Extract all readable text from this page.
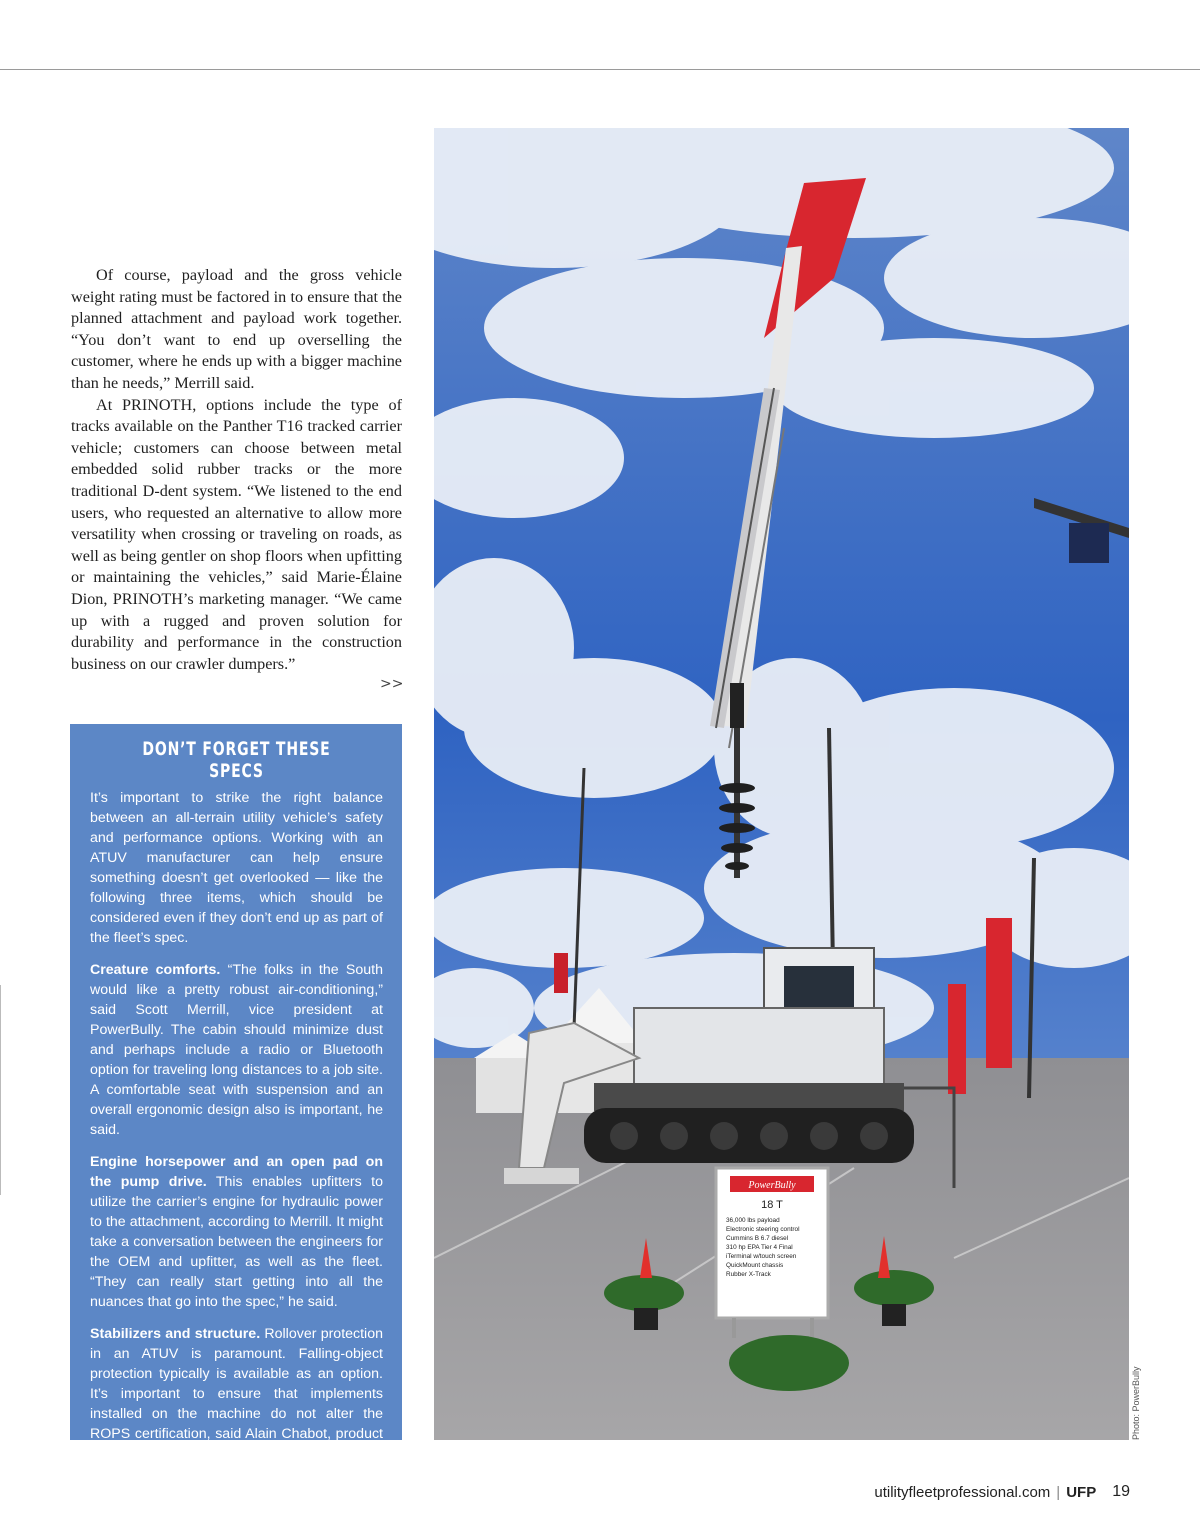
Of course, payload and the gross vehicle weight rating must be factored in to ensure that the planned attachment and payload work together. “You don’t want to end up overselling the customer, where he ends up with a bigger machine than he needs,” Merrill said.

At PRINOTH, options include the type of tracks available on the Panther T16 tracked carrier vehicle; customers can choose between metal embedded solid rubber tracks or the more traditional D-dent system. “We listened to the end users, who requested an alternative to allow more versatility when crossing or traveling on roads, as well as being gentler on shop floors when upfitting or maintaining the vehicles,” said Marie-Élaine Dion, PRINOTH’s marketing manager. “We came up with a rugged and proven solution for durability and performance in the construction business on our crawler dumpers.”

>>
DON’T FORGET THESE SPECS

It’s important to strike the right balance between an all-terrain utility vehicle’s safety and performance options. Working with an ATUV manufacturer can help ensure something doesn’t get overlooked — like the following three items, which should be considered even if they don’t end up as part of the fleet’s spec.

Creature comforts. “The folks in the South would like a pretty robust air-conditioning,” said Scott Merrill, vice president at PowerBully. The cabin should minimize dust and perhaps include a radio or Bluetooth option for traveling long distances to a job site. A comfortable seat with suspension and an overall ergonomic design also is important, he said.

Engine horsepower and an open pad on the pump drive. This enables upfitters to utilize the carrier’s engine for hydraulic power to the attachment, according to Merrill. It might take a conversation between the engineers for the OEM and upfitter, as well as the fleet. “They can really start getting into all the nuances that go into the spec,” he said.

Stabilizers and structure. Rollover protection in an ATUV is paramount. Falling-object protection typically is available as an option. It’s important to ensure that implements installed on the machine do not alter the ROPS certification, said Alain Chabot, product manager for PRINOTH.

PowerBully
18 T
36,000 lbs payload
Electronic steering control
Cummins B 6.7 diesel
310 hp EPA Tier 4 Final
iTerminal w/touch screen
QuickMount chassis
Rubber X-Track
Photo: PowerBully
utilityfleetprofessional.com | UFP 19
